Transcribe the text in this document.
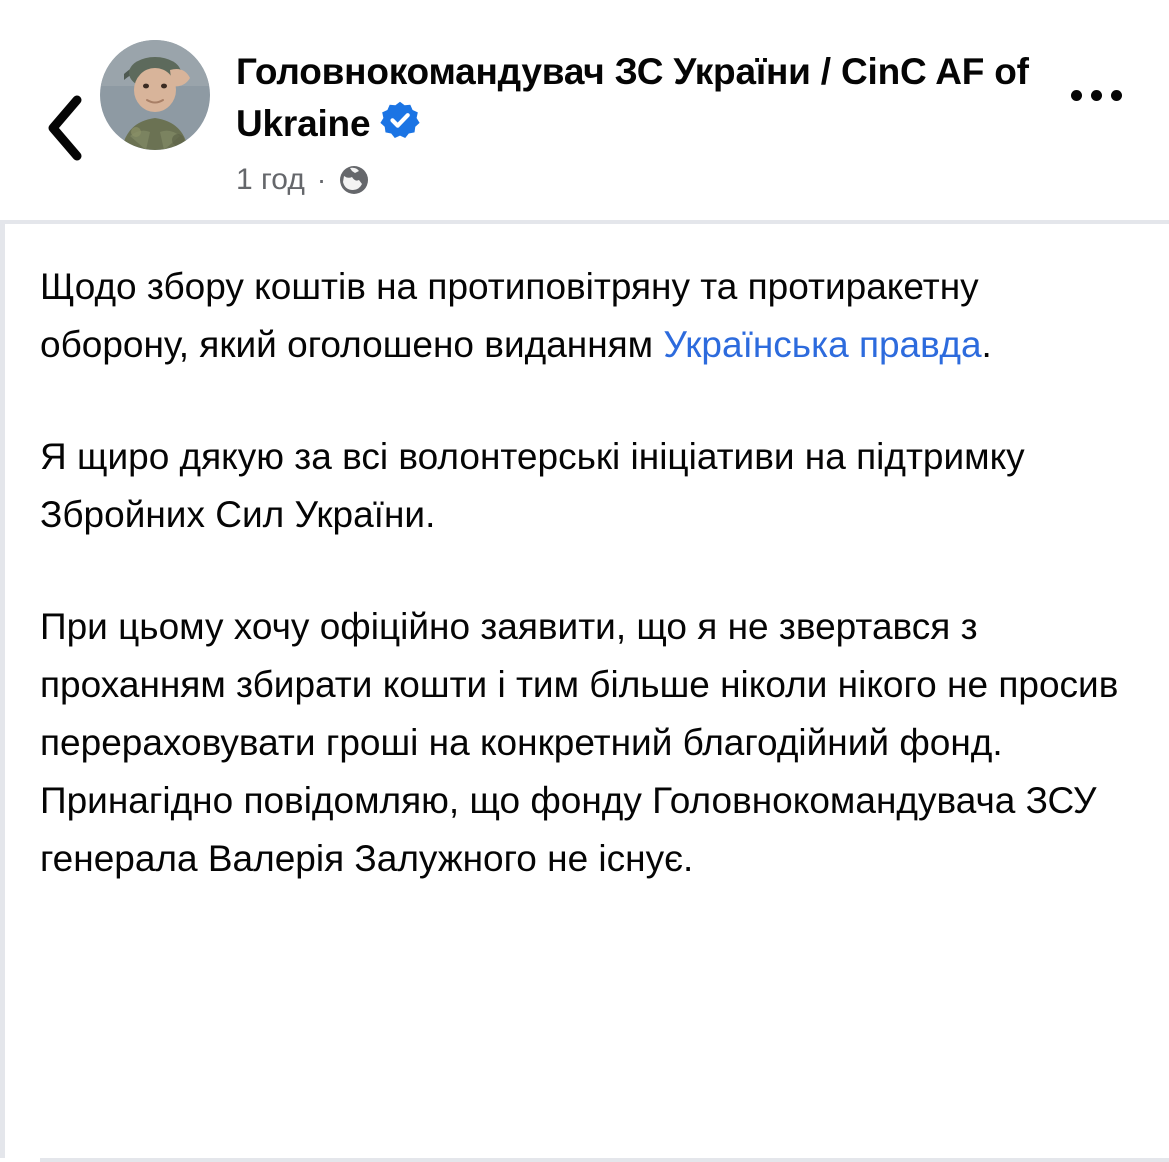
Головнокомандувач ЗС України / CinC AF of Ukraine
1 год ·

Щодо збору коштів на протиповітряну та протиракетну оборону, який оголошено виданням Українська правда.

Я щиро дякую за всі волонтерські ініціативи на підтримку Збройних Сил України.

При цьому хочу офіційно заявити, що я не звертався з проханням збирати кошти і тим більше ніколи нікого не просив перераховувати гроші на конкретний благодійний фонд. Принагідно повідомляю, що фонду Головнокомандувача ЗСУ генерала Валерія Залужного не існує.
